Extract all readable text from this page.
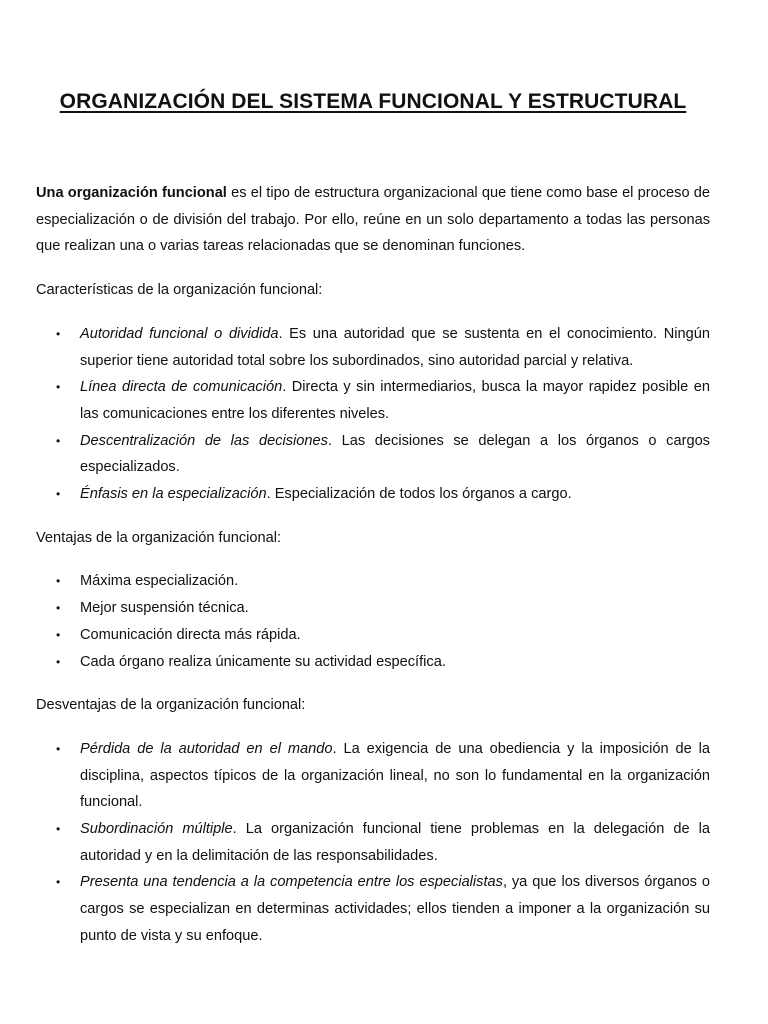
ORGANIZACIÓN DEL SISTEMA FUNCIONAL Y ESTRUCTURAL

Una organización funcional es el tipo de estructura organizacional que tiene como base el proceso de especialización o de división del trabajo. Por ello, reúne en un solo departamento a todas las personas que realizan una o varias tareas relacionadas que se denominan funciones.

Características de la organización funcional:

• Autoridad funcional o dividida. Es una autoridad que se sustenta en el conocimiento. Ningún superior tiene autoridad total sobre los subordinados, sino autoridad parcial y relativa.
• Línea directa de comunicación. Directa y sin intermediarios, busca la mayor rapidez posible en las comunicaciones entre los diferentes niveles.
• Descentralización de las decisiones. Las decisiones se delegan a los órganos o cargos especializados.
• Énfasis en la especialización. Especialización de todos los órganos a cargo.

Ventajas de la organización funcional:

• Máxima especialización.
• Mejor suspensión técnica.
• Comunicación directa más rápida.
• Cada órgano realiza únicamente su actividad específica.

Desventajas de la organización funcional:

• Pérdida de la autoridad en el mando. La exigencia de una obediencia y la imposición de la disciplina, aspectos típicos de la organización lineal, no son lo fundamental en la organización funcional.
• Subordinación múltiple. La organización funcional tiene problemas en la delegación de la autoridad y en la delimitación de las responsabilidades.
• Presenta una tendencia a la competencia entre los especialistas, ya que los diversos órganos o cargos se especializan en determinas actividades; ellos tienden a imponer a la organización su punto de vista y su enfoque.
